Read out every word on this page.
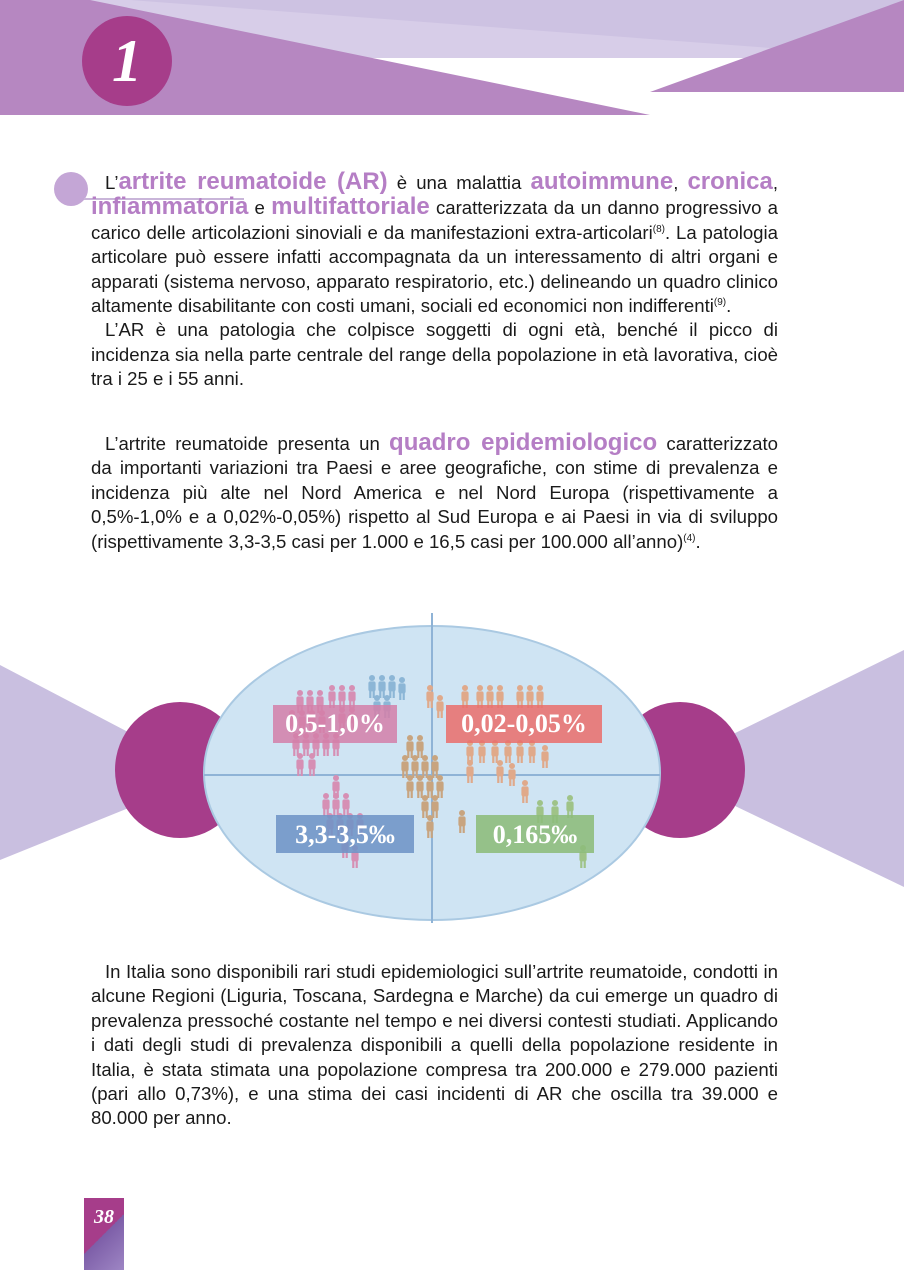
1

L’artrite reumatoide (AR) è una malattia autoimmune, cronica, infiammatoria e multifattoriale caratterizzata da un danno progressivo a carico delle articolazioni sinoviali e da manifestazioni extra-articolari$^{(8)}$. La patologia articolare può essere infatti accompagnata da un interessamento di altri organi e apparati (sistema nervoso, apparato respiratorio, etc.) delineando un quadro clinico altamente disabilitante con costi umani, sociali ed economici non indifferenti$^{(9)}$.

L’AR è una patologia che colpisce soggetti di ogni età, benché il picco di incidenza sia nella parte centrale del range della popolazione in età lavorativa, cioè tra i 25 e i 55 anni.

L’artrite reumatoide presenta un quadro epidemiologico caratterizzato da importanti variazioni tra Paesi e aree geografiche, con stime di prevalenza e incidenza più alte nel Nord America e nel Nord Europa (rispettivamente a 0,5%-1,0% e a 0,02%-0,05%) rispetto al Sud Europa e ai Paesi in via di sviluppo (rispettivamente 3,3-3,5 casi per 1.000 e 16,5 casi per 100.000 all’anno)$^{(4)}$.

0,5-1,0%	0,02-0,05%
3,3-3,5‰	0,165‰

In Italia sono disponibili rari studi epidemiologici sull’artrite reumatoide, condotti in alcune Regioni (Liguria, Toscana, Sardegna e Marche) da cui emerge un quadro di prevalenza pressoché costante nel tempo e nei diversi contesti studiati. Applicando i dati degli studi di prevalenza disponibili a quelli della popolazione residente in Italia, è stata stimata una popolazione compresa tra 200.000 e 279.000 pazienti (pari allo 0,73%), e una stima dei casi incidenti di AR che oscilla tra 39.000 e 80.000 per anno.

38
